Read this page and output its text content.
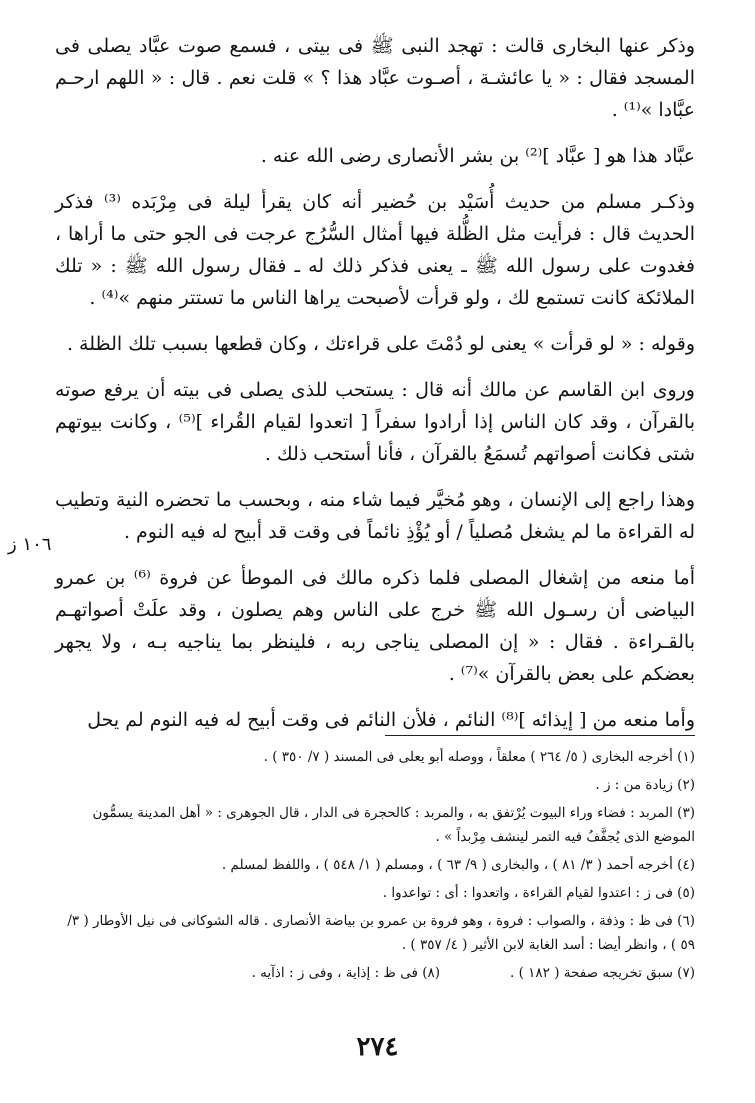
وذكر عنها البخارى قالت : تهجد النبى ﷺ فى بيتى ، فسمع صوت عبَّاد يصلى فى المسجد فقال : « يا عائشـة ، أصـوت عبَّاد هذا ؟ » قلت نعم . قال : « اللهم ارحـم عبَّادا »⁽¹⁾ .

عبَّاد هذا هو [ عبَّاد ]⁽²⁾ بن بشر الأنصارى رضى الله عنه .

وذكـر مسلم من حديث أُسَيْد بن حُضير أنه كان يقرأ ليلة فى مِرْبَده ⁽³⁾ فذكر الحديث قال : فرأيت مثل الظُّلة فيها أمثال السُّرُج عرجت فى الجو حتى ما أراها ، فغدوت على رسول الله ﷺ ـ يعنى فذكر ذلك له ـ فقال رسول الله ﷺ : « تلك الملائكة كانت تستمع لك ، ولو قرأت لأصبحت يراها الناس ما تستتر منهم »⁽⁴⁾ .

وقوله : « لو قرأت » يعنى لو دُمْتَ على قراءتك ، وكان قطعها بسبب تلك الظلة .

وروى ابن القاسم عن مالك أنه قال : يستحب للذى يصلى فى بيته أن يرفع صوته بالقرآن ، وقد كان الناس إذا أرادوا سفراً [ اتعدوا لقيام القُراء ]⁽⁵⁾ ، وكانت بيوتهم شتى فكانت أصواتهم تُسمَعُ بالقرآن ، فأنا أستحب ذلك .

وهذا راجع إلى الإنسان ، وهو مُخيَّر فيما شاء منه ، وبحسب ما تحضره النية وتطيب له القراءة ما لم يشغل مُصلياً / أو يُؤْذِ نائماً فى وقت قد أبيح له فيه النوم .

أما منعه من إشغال المصلى فلما ذكره مالك فى الموطأ عن فروة ⁽⁶⁾ بن عمرو البياضى أن رسـول الله ﷺ خرج على الناس وهم يصلون ، وقد علَتْ أصواتهـم بالقـراءة . فقال : « إن المصلى يناجى ربه ، فلينظر بما يناجيه بـه ، ولا يجهر بعضكم على بعض بالقرآن »⁽⁷⁾ .

وأما منعه من [ إيذائه ]⁽⁸⁾ النائم ، فلأن النائم فى وقت أبيح له فيه النوم لم يحل

١٠٦ ز
(١) أخرجه البخارى ( ٥/ ٢٦٤ ) معلقاً ، ووصله أبو يعلى فى المسند ( ٧/ ٣٥٠ ) .
(٢) زيادة من : ز .
(٣) المربد : فضاء وراء البيوت يُرْتفق به ، والمربد : كالحجرة فى الدار ، قال الجوهرى : « أهل المدينة يسمُّون الموضع الذى يُجفَّفُ فيه التمر لينشف مِرْبداً » .
(٤) أخرجه أحمد ( ٣/ ٨١ ) ، والبخارى ( ٩/ ٦٣ ) ، ومسلم ( ١/ ٥٤٨ ) ، واللفظ لمسلم .
(٥) فى ز : اعتدوا لقيام القراءة ، واتعدوا : أى : تواعدوا .
(٦) فى ظ : وذفة ، والصواب : فروة ، وهو فروة بن عمرو بن بياضة الأنصارى . قاله الشوكانى فى نيل الأوطار ( ٣/ ٥٩ ) ، وانظر أيضا : أسد الغابة لابن الأثير ( ٤/ ٣٥٧ ) .
(٧) سبق تخريجه صفحة ( ١٨٢ ) .
(٨) فى ظ : إذاية ، وفى ز : اذآيه .
٢٧٤
